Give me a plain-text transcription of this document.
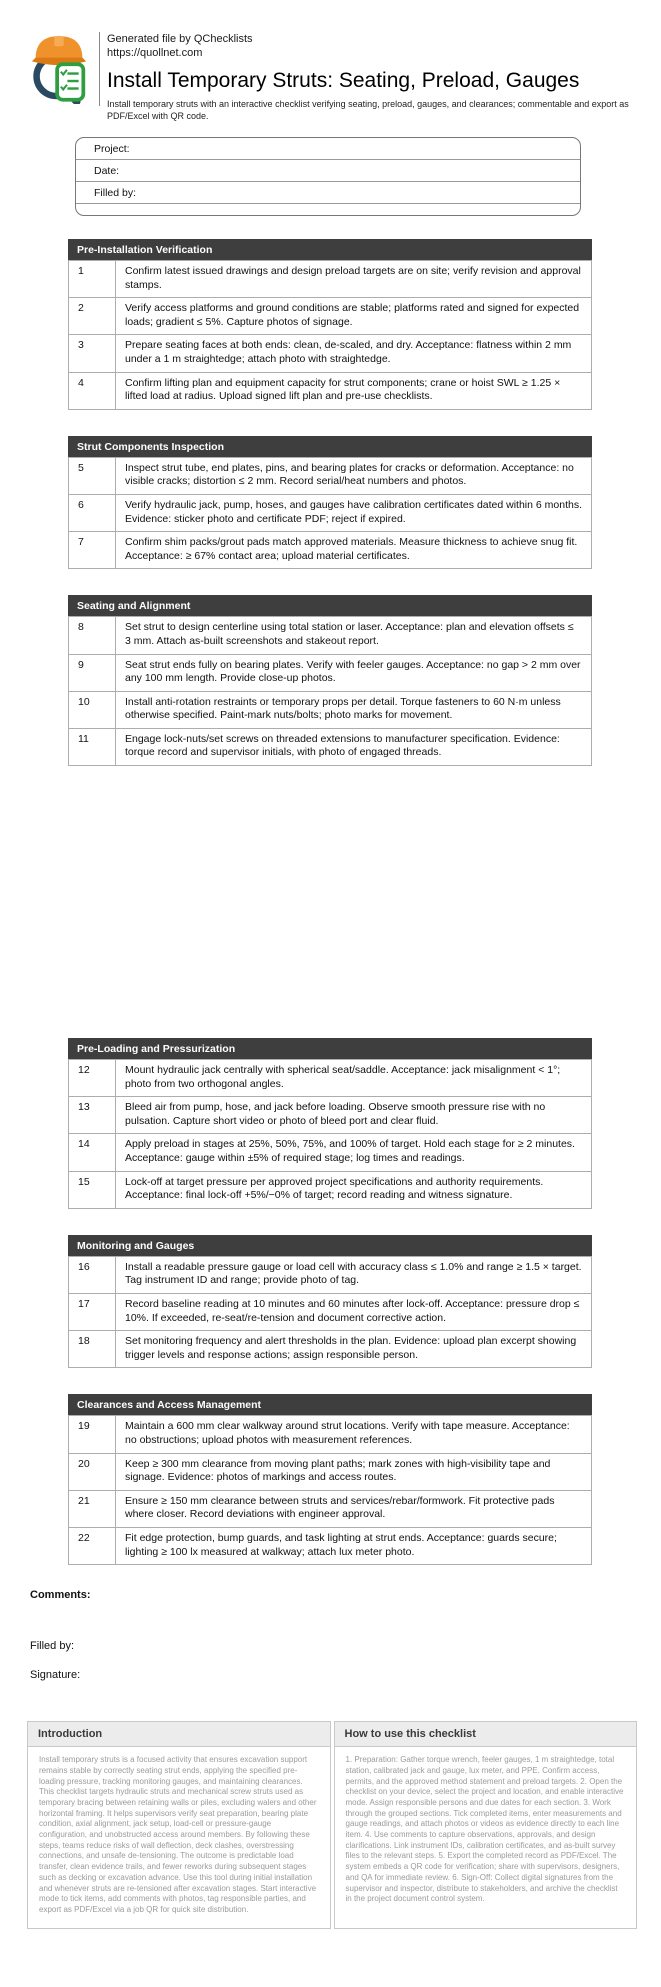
Generated file by QChecklists
https://quollnet.com
Install Temporary Struts: Seating, Preload, Gauges
Install temporary struts with an interactive checklist verifying seating, preload, gauges, and clearances; commentable and export as PDF/Excel with QR code.
Project:
Date:
Filled by:
Pre-Installation Verification
1	Confirm latest issued drawings and design preload targets are on site; verify revision and approval stamps.
2	Verify access platforms and ground conditions are stable; platforms rated and signed for expected loads; gradient ≤ 5%. Capture photos of signage.
3	Prepare seating faces at both ends: clean, de-scaled, and dry. Acceptance: flatness within 2 mm under a 1 m straightedge; attach photo with straightedge.
4	Confirm lifting plan and equipment capacity for strut components; crane or hoist SWL ≥ 1.25 × lifted load at radius. Upload signed lift plan and pre-use checklists.
Strut Components Inspection
5	Inspect strut tube, end plates, pins, and bearing plates for cracks or deformation. Acceptance: no visible cracks; distortion ≤ 2 mm. Record serial/heat numbers and photos.
6	Verify hydraulic jack, pump, hoses, and gauges have calibration certificates dated within 6 months. Evidence: sticker photo and certificate PDF; reject if expired.
7	Confirm shim packs/grout pads match approved materials. Measure thickness to achieve snug fit. Acceptance: ≥ 67% contact area; upload material certificates.
Seating and Alignment
8	Set strut to design centerline using total station or laser. Acceptance: plan and elevation offsets ≤ 3 mm. Attach as-built screenshots and stakeout report.
9	Seat strut ends fully on bearing plates. Verify with feeler gauges. Acceptance: no gap > 2 mm over any 100 mm length. Provide close-up photos.
10	Install anti-rotation restraints or temporary props per detail. Torque fasteners to 60 N·m unless otherwise specified. Paint-mark nuts/bolts; photo marks for movement.
11	Engage lock-nuts/set screws on threaded extensions to manufacturer specification. Evidence: torque record and supervisor initials, with photo of engaged threads.
Pre-Loading and Pressurization
12	Mount hydraulic jack centrally with spherical seat/saddle. Acceptance: jack misalignment < 1°; photo from two orthogonal angles.
13	Bleed air from pump, hose, and jack before loading. Observe smooth pressure rise with no pulsation. Capture short video or photo of bleed port and clear fluid.
14	Apply preload in stages at 25%, 50%, 75%, and 100% of target. Hold each stage for ≥ 2 minutes. Acceptance: gauge within ±5% of required stage; log times and readings.
15	Lock-off at target pressure per approved project specifications and authority requirements. Acceptance: final lock-off +5%/−0% of target; record reading and witness signature.
Monitoring and Gauges
16	Install a readable pressure gauge or load cell with accuracy class ≤ 1.0% and range ≥ 1.5 × target. Tag instrument ID and range; provide photo of tag.
17	Record baseline reading at 10 minutes and 60 minutes after lock-off. Acceptance: pressure drop ≤ 10%. If exceeded, re-seat/re-tension and document corrective action.
18	Set monitoring frequency and alert thresholds in the plan. Evidence: upload plan excerpt showing trigger levels and response actions; assign responsible person.
Clearances and Access Management
19	Maintain a 600 mm clear walkway around strut locations. Verify with tape measure. Acceptance: no obstructions; upload photos with measurement references.
20	Keep ≥ 300 mm clearance from moving plant paths; mark zones with high-visibility tape and signage. Evidence: photos of markings and access routes.
21	Ensure ≥ 150 mm clearance between struts and services/rebar/formwork. Fit protective pads where closer. Record deviations with engineer approval.
22	Fit edge protection, bump guards, and task lighting at strut ends. Acceptance: guards secure; lighting ≥ 100 lx measured at walkway; attach lux meter photo.
Comments:
Filled by:
Signature:
Introduction
Install temporary struts is a focused activity that ensures excavation support remains stable by correctly seating strut ends, applying the specified pre-loading pressure, tracking monitoring gauges, and maintaining clearances. This checklist targets hydraulic struts and mechanical screw struts used as temporary bracing between retaining walls or piles, excluding walers and other horizontal framing. It helps supervisors verify seat preparation, bearing plate condition, axial alignment, jack setup, load-cell or pressure-gauge configuration, and unobstructed access around members. By following these steps, teams reduce risks of wall deflection, deck clashes, overstressing connections, and unsafe de-tensioning. The outcome is predictable load transfer, clean evidence trails, and fewer reworks during subsequent stages such as decking or excavation advance. Use this tool during initial installation and whenever struts are re-tensioned after excavation stages. Start interactive mode to tick items, add comments with photos, tag responsible parties, and export as PDF/Excel via a job QR for quick site distribution.
How to use this checklist
1. Preparation: Gather torque wrench, feeler gauges, 1 m straightedge, total station, calibrated jack and gauge, lux meter, and PPE. Confirm access, permits, and the approved method statement and preload targets. 2. Open the checklist on your device, select the project and location, and enable interactive mode. Assign responsible persons and due dates for each section. 3. Work through the grouped sections. Tick completed items, enter measurements and gauge readings, and attach photos or videos as evidence directly to each line item. 4. Use comments to capture observations, approvals, and design clarifications. Link instrument IDs, calibration certificates, and as-built survey files to the relevant steps. 5. Export the completed record as PDF/Excel. The system embeds a QR code for verification; share with supervisors, designers, and QA for immediate review. 6. Sign-Off: Collect digital signatures from the supervisor and inspector, distribute to stakeholders, and archive the checklist in the project document control system.
